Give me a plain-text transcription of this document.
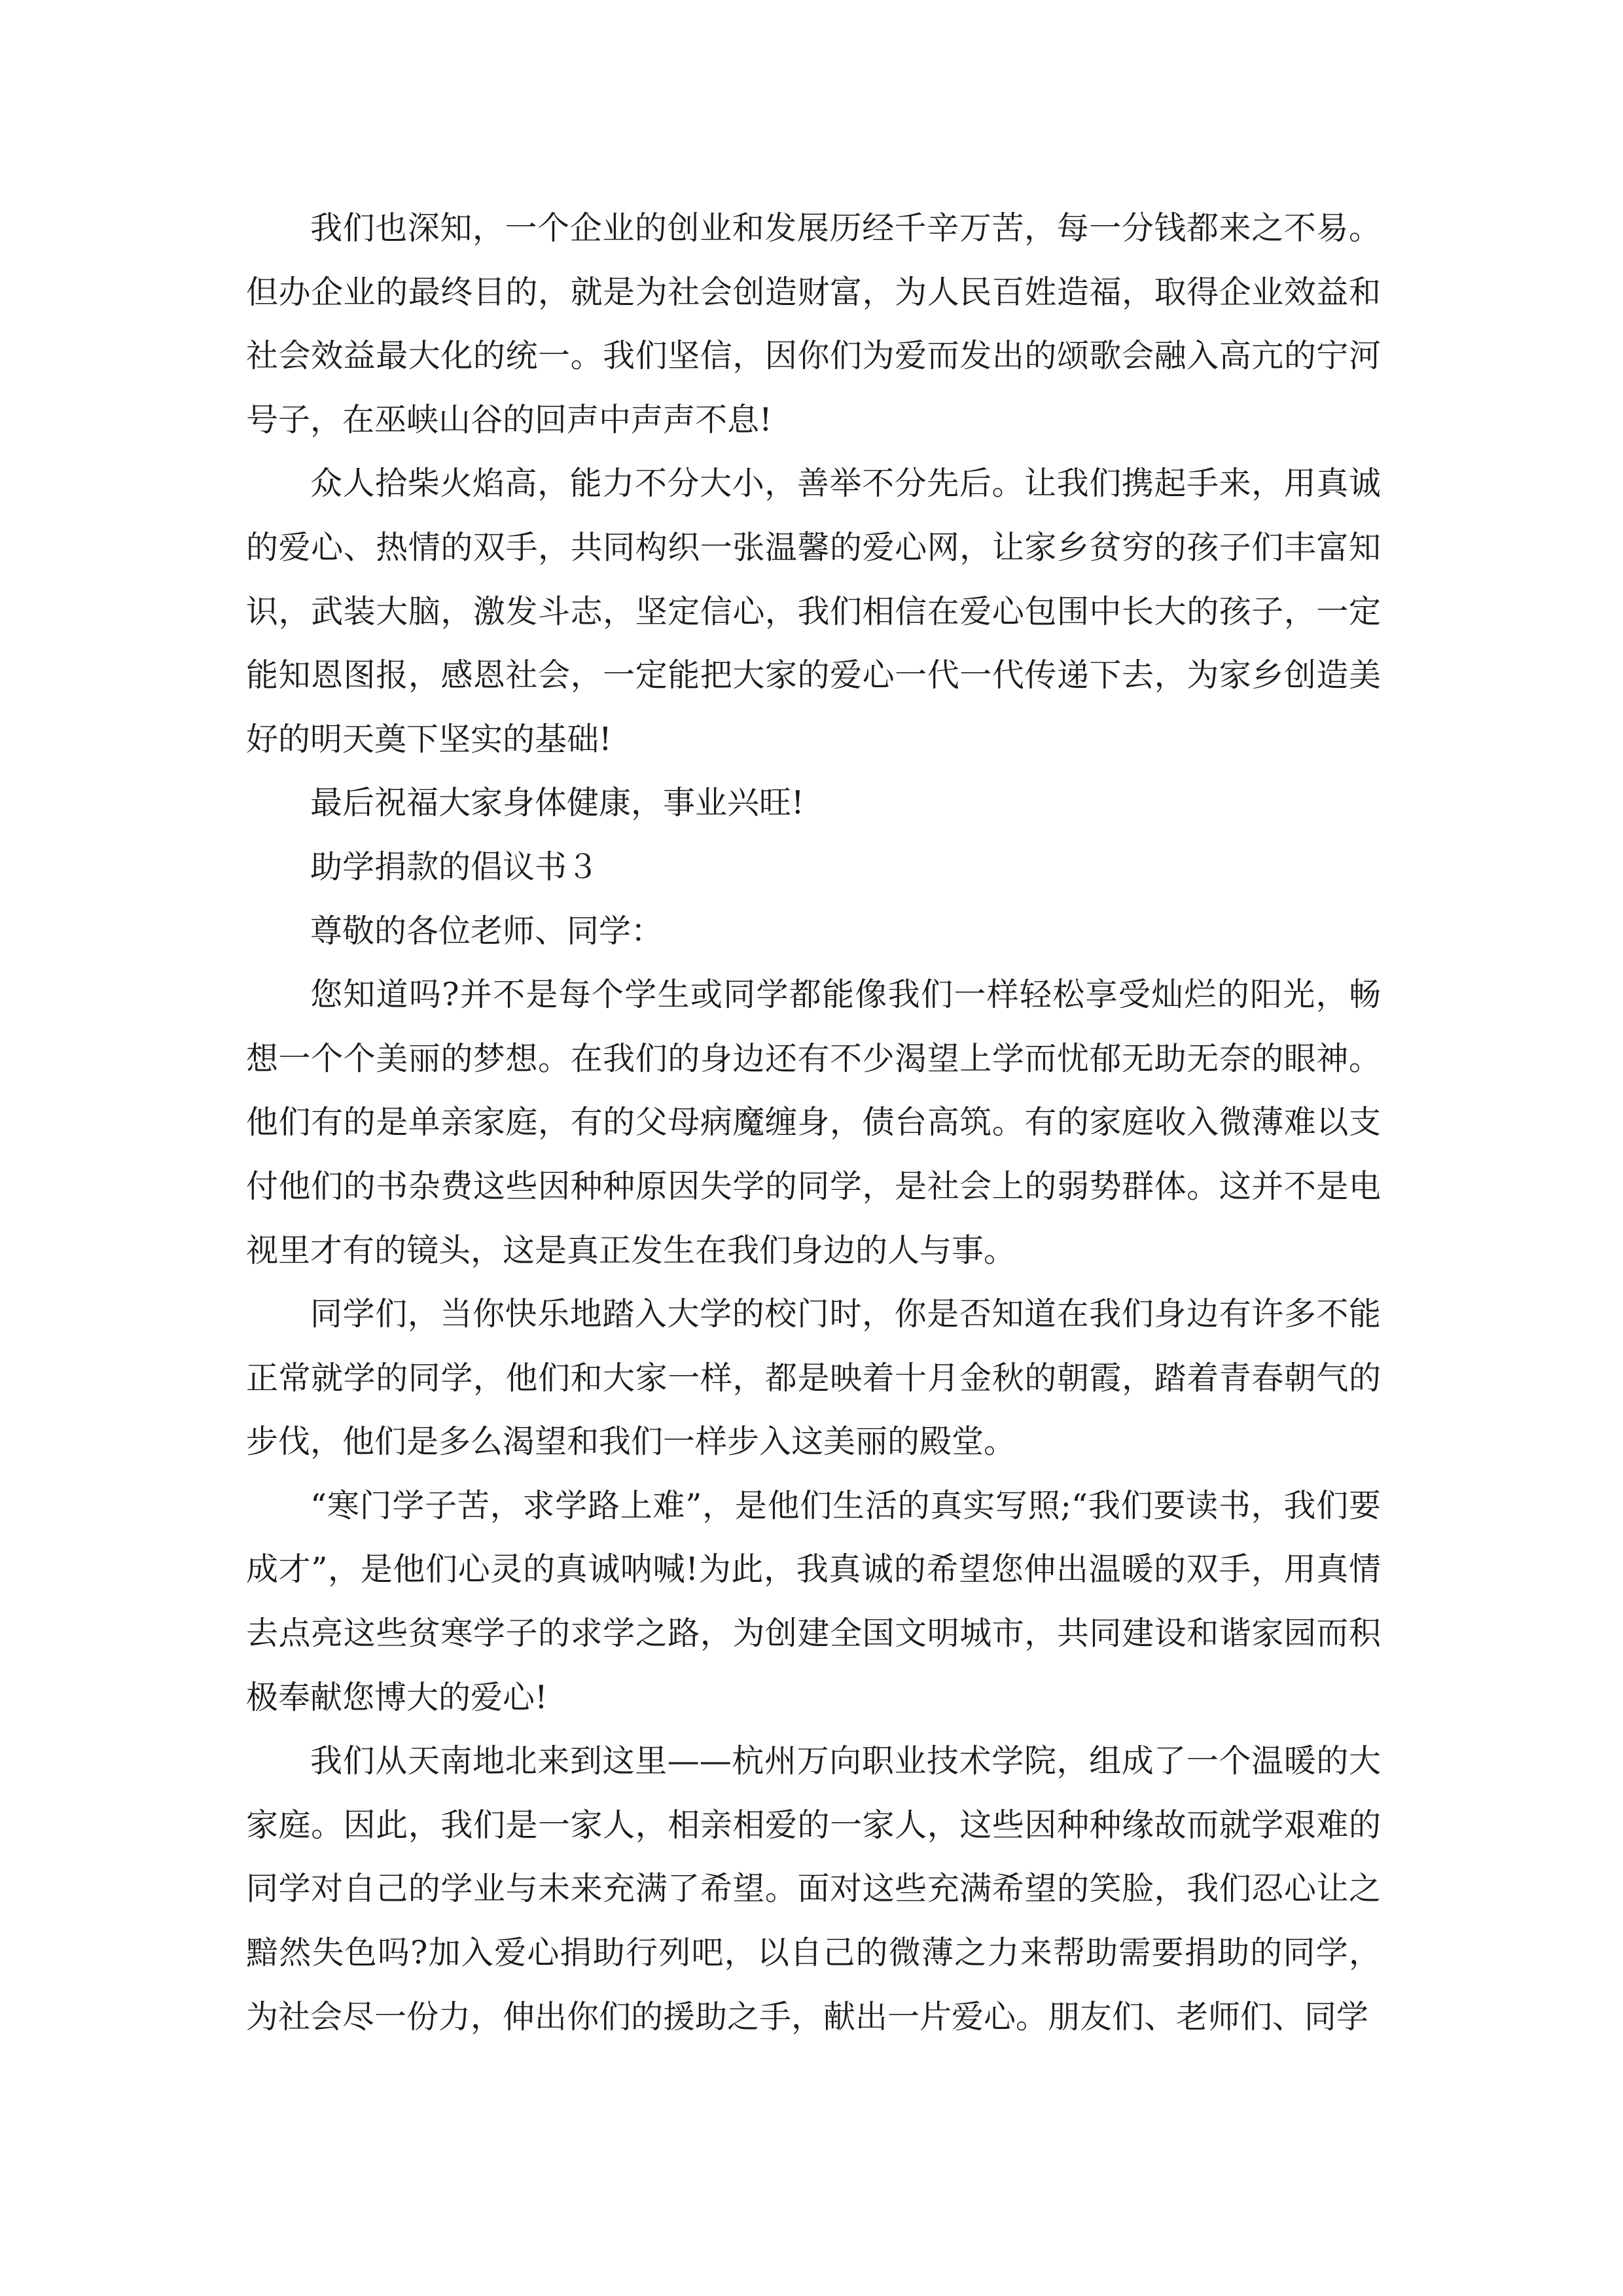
我们也深知，一个企业的创业和发展历经千辛万苦，每一分钱都来之不易。但办企业的最终目的，就是为社会创造财富，为人民百姓造福，取得企业效益和社会效益最大化的统一。我们坚信，因你们为爱而发出的颂歌会融入高亢的宁河号子，在巫峡山谷的回声中声声不息!

众人拾柴火焰高，能力不分大小，善举不分先后。让我们携起手来，用真诚的爱心、热情的双手，共同构织一张温馨的爱心网，让家乡贫穷的孩子们丰富知识，武装大脑，激发斗志，坚定信心，我们相信在爱心包围中长大的孩子，一定能知恩图报，感恩社会，一定能把大家的爱心一代一代传递下去，为家乡创造美好的明天奠下坚实的基础!

最后祝福大家身体健康，事业兴旺!

助学捐款的倡议书３

尊敬的各位老师、同学：

您知道吗?并不是每个学生或同学都能像我们一样轻松享受灿烂的阳光，畅想一个个美丽的梦想。在我们的身边还有不少渴望上学而忧郁无助无奈的眼神。他们有的是单亲家庭，有的父母病魔缠身，债台高筑。有的家庭收入微薄难以支付他们的书杂费这些因种种原因失学的同学，是社会上的弱势群体。这并不是电视里才有的镜头，这是真正发生在我们身边的人与事。

同学们，当你快乐地踏入大学的校门时，你是否知道在我们身边有许多不能正常就学的同学，他们和大家一样，都是映着十月金秋的朝霞，踏着青春朝气的步伐，他们是多么渴望和我们一样步入这美丽的殿堂。

“寒门学子苦，求学路上难”，是他们生活的真实写照;“我们要读书，我们要成才”，是他们心灵的真诚呐喊!为此，我真诚的希望您伸出温暖的双手，用真情去点亮这些贫寒学子的求学之路，为创建全国文明城市，共同建设和谐家园而积极奉献您博大的爱心!

我们从天南地北来到这里——杭州万向职业技术学院，组成了一个温暖的大家庭。因此，我们是一家人，相亲相爱的一家人，这些因种种缘故而就学艰难的同学对自己的学业与未来充满了希望。面对这些充满希望的笑脸，我们忍心让之黯然失色吗?加入爱心捐助行列吧，以自己的微薄之力来帮助需要捐助的同学，为社会尽一份力，伸出你们的援助之手，献出一片爱心。朋友们、老师们、同学
